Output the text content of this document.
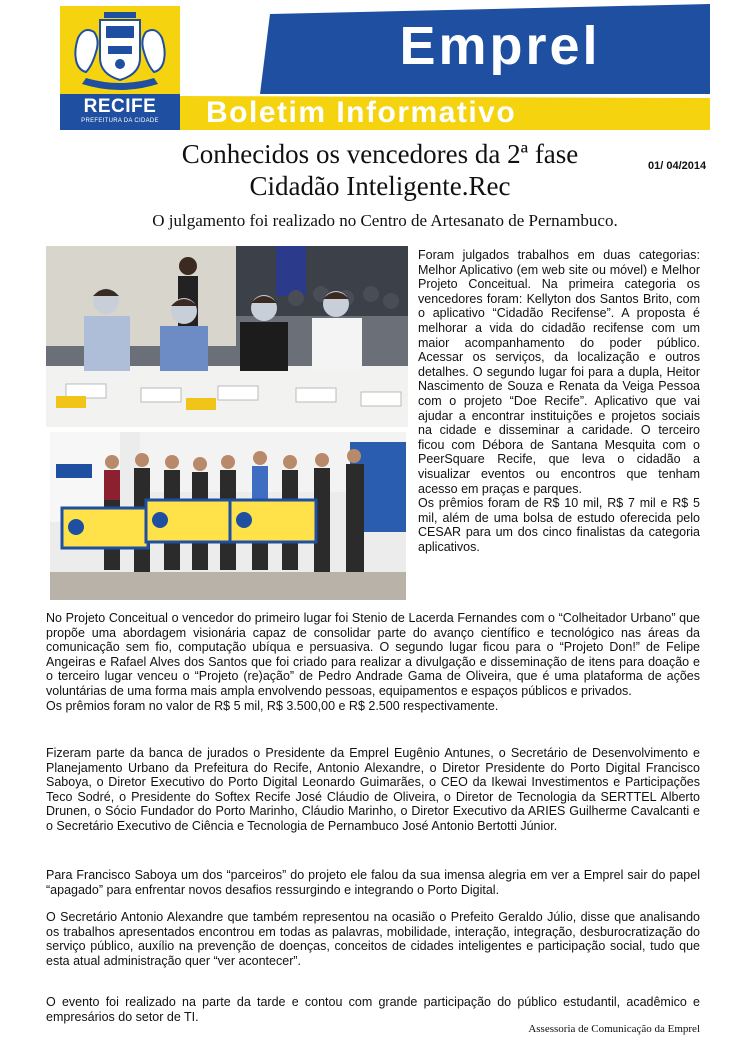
RECIFE
PREFEITURA DA CIDADE
Emprel
Boletim Informativo
Conhecidos os vencedores da 2ª fase
Cidadão Inteligente.Rec
01/ 04/2014
O julgamento foi realizado no Centro de Artesanato de Pernambuco.

Foram julgados trabalhos em duas categorias: Melhor Aplicativo (em web site ou móvel) e Melhor Projeto Conceitual. Na primeira categoria os vencedores foram: Kellyton dos Santos Brito, com o aplicativo “Cidadão Recifense”. A proposta é melhorar a vida do cidadão recifense com um maior acompanhamento do poder público. Acessar os serviços, da localização e outros detalhes. O segundo lugar foi para a dupla, Heitor Nascimento de Souza e Renata da Veiga Pessoa com o projeto “Doe Recife”. Aplicativo que vai ajudar a encontrar instituições e projetos sociais na cidade e disseminar a caridade. O terceiro ficou com Débora de Santana Mesquita com o PeerSquare Recife, que leva o cidadão a visualizar eventos ou encontros que tenham acesso em praças e parques.
Os prêmios foram de R$ 10 mil, R$ 7 mil e R$ 5 mil, além de uma bolsa de estudo oferecida pelo CESAR para um dos cinco finalistas da categoria aplicativos.

No Projeto Conceitual o vencedor do primeiro lugar foi Stenio de Lacerda Fernandes com o “Colheitador Urbano” que propõe uma abordagem visionária capaz de consolidar parte do avanço científico e tecnológico nas áreas da comunicação sem fio, computação ubíqua e persuasiva. O segundo lugar ficou para o “Projeto Don!” de Felipe Angeiras e Rafael Alves dos Santos que foi criado para realizar a divulgação e disseminação de itens para doação e o terceiro lugar venceu o “Projeto (re)ação” de Pedro Andrade Gama de Oliveira, que é uma plataforma de ações voluntárias de uma forma mais ampla envolvendo pessoas, equipamentos e espaços públicos e privados.
Os prêmios foram no valor de R$ 5 mil, R$ 3.500,00 e R$ 2.500 respectivamente.

Fizeram parte da banca de jurados o Presidente da Emprel Eugênio Antunes, o Secretário de Desenvolvimento e Planejamento Urbano da Prefeitura do Recife, Antonio Alexandre, o Diretor Presidente do Porto Digital Francisco Saboya, o Diretor Executivo do Porto Digital Leonardo Guimarães, o CEO da Ikewai Investimentos e Participações Teco Sodré, o Presidente do Softex Recife José Cláudio de Oliveira, o Diretor de Tecnologia da SERTTEL Alberto Drunen, o Sócio Fundador do Porto Marinho, Cláudio Marinho, o Diretor Executivo da ARIES Guilherme Cavalcanti e o Secretário Executivo de Ciência e Tecnologia de Pernambuco José Antonio Bertotti Júnior.

Para Francisco Saboya um dos “parceiros” do projeto ele falou da sua imensa alegria em ver a Emprel sair do papel “apagado” para enfrentar novos desafios ressurgindo e integrando o Porto Digital.

O Secretário Antonio Alexandre que também representou na ocasião o Prefeito Geraldo Júlio, disse que analisando os trabalhos apresentados encontrou em todas as palavras, mobilidade, interação, integração, desburocratização do serviço público, auxílio na prevenção de doenças, conceitos de cidades inteligentes e participação social, tudo que esta atual administração quer “ver acontecer”.

O evento foi realizado na parte da tarde e contou com grande participação do público estudantil, acadêmico e empresários do setor de TI.

Assessoria de Comunicação da Emprel
